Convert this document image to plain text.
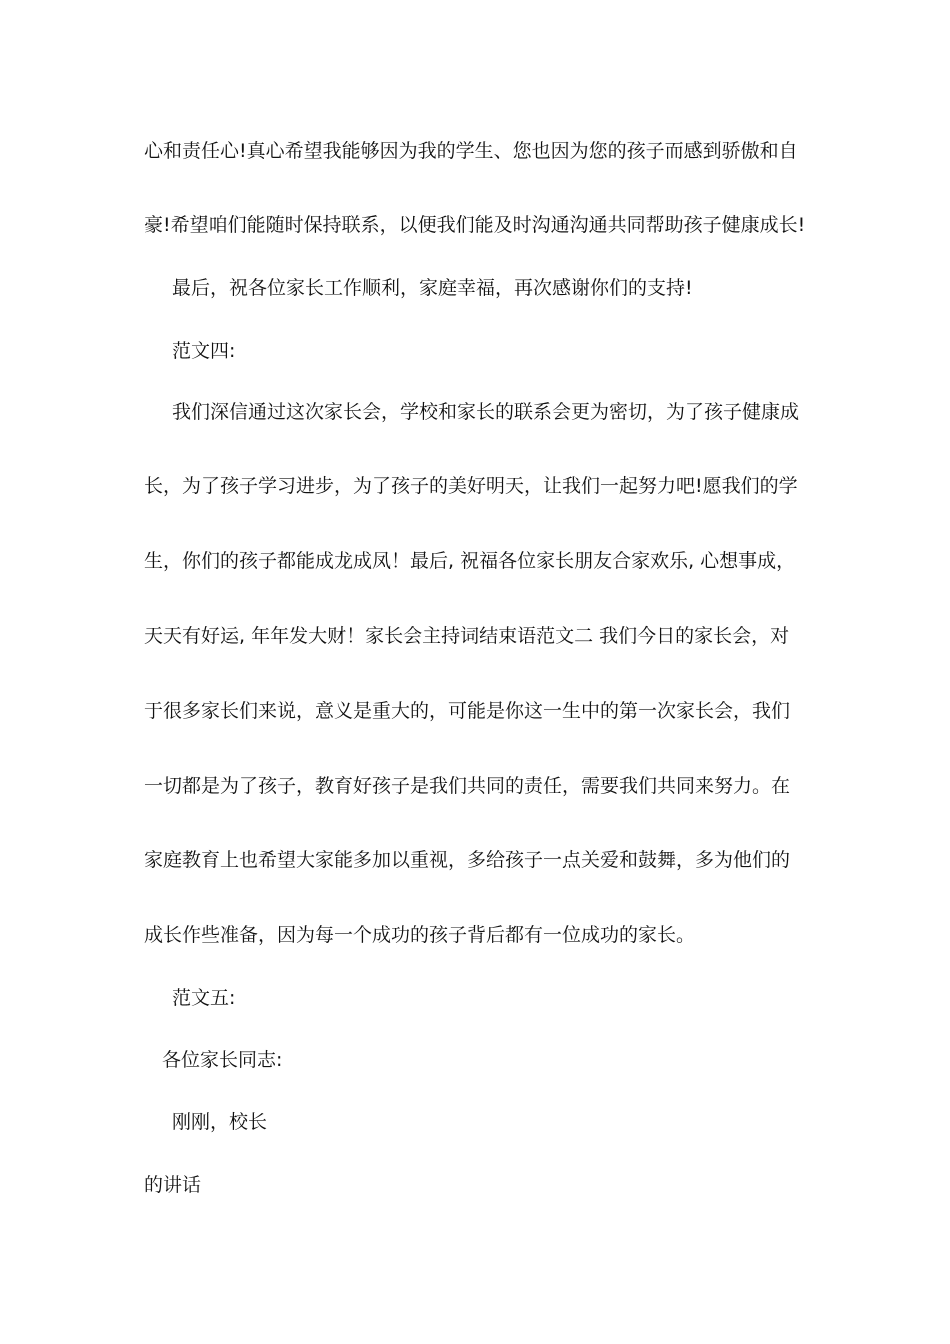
心和责任心!真心希望我能够因为我的学生、您也因为您的孩子而感到骄傲和自
豪!希望咱们能随时保持联系，以便我们能及时沟通沟通共同帮助孩子健康成长!
最后，祝各位家长工作顺利，家庭幸福，再次感谢你们的支持!
范文四:
我们深信通过这次家长会，学校和家长的联系会更为密切，为了孩子健康成
长，为了孩子学习进步，为了孩子的美好明天，让我们一起努力吧!愿我们的学
生，你们的孩子都能成龙成凤！最后, 祝福各位家长朋友合家欢乐, 心想事成，
天天有好运, 年年发大财！家长会主持词结束语范文二 我们今日的家长会，对
于很多家长们来说，意义是重大的，可能是你这一生中的第一次家长会，我们
一切都是为了孩子，教育好孩子是我们共同的责任，需要我们共同来努力。在
家庭教育上也希望大家能多加以重视，多给孩子一点关爱和鼓舞，多为他们的
成长作些准备，因为每一个成功的孩子背后都有一位成功的家长。
范文五:
各位家长同志:
刚刚，校长
的讲话
